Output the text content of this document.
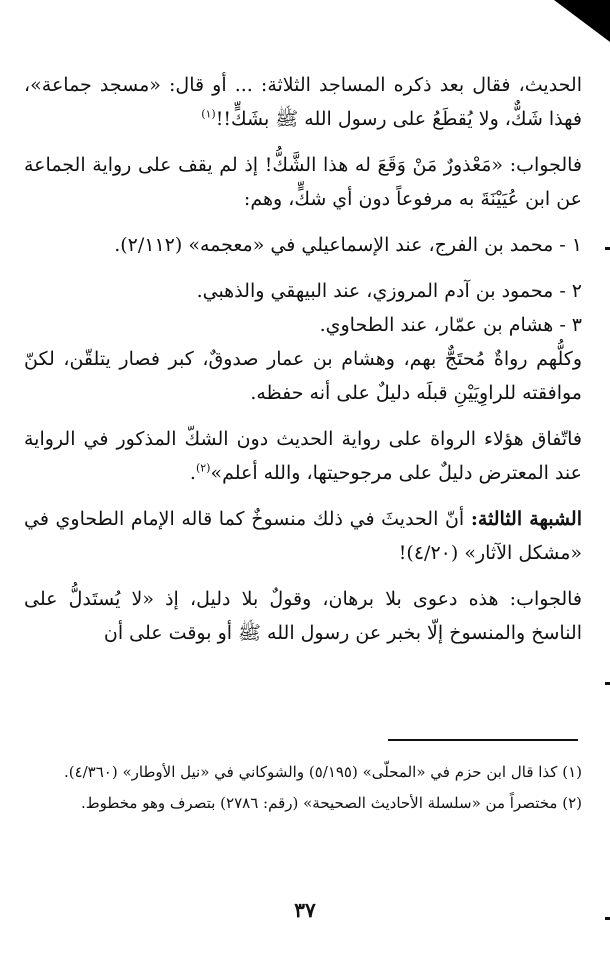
الحديث، فقال بعد ذكره المساجد الثلاثة: ... أو قال: «مسجد جماعة»، فهذا شَكٌّ، ولا يُقطَعُ على رسول الله ﷺ بشَكٍّ!!$^{(١)}$

فالجواب: «مَعْذورٌ مَنْ وَقَعَ له هذا الشَّكُّ! إذ لم يقف على رواية الجماعة عن ابن عُيَيْنَةَ به مرفوعاً دون أي شكٍّ، وهم:

١ - محمد بن الفرج، عند الإسماعيلي في «معجمه» (٢/١١٢).

٢ - محمود بن آدم المروزي، عند البيهقي والذهبي.

٣ - هشام بن عمّار، عند الطحاوي.

وكلُّهم رواةٌ مُحتَجٌّ بهم، وهشام بن عمار صدوقٌ، كبر فصار يتلقّن، لكنّ موافقته للراوِيَيْنِ قبلَه دليلٌ على أنه حفظه.

فاتّفاق هؤلاء الرواة على رواية الحديث دون الشكّ المذكور في الرواية عند المعترض دليلٌ على مرجوحيتها، والله أعلم»$^{(٢)}$.

الشبهة الثالثة: أنّ الحديثَ في ذلك منسوخٌ كما قاله الإمام الطحاوي في «مشكل الآثار» (٤/٢٠)!

فالجواب: هذه دعوى بلا برهان، وقولٌ بلا دليل، إذ «لا يُستَدلُّ على الناسخ والمنسوخ إلّا بخبر عن رسول الله ﷺ أو بوقت على أن

(١) كذا قال ابن حزم في «المحلّى» (٥/١٩٥) والشوكاني في «نيل الأوطار» (٤/٣٦٠).

(٢) مختصراً من «سلسلة الأحاديث الصحيحة» (رقم: ٢٧٨٦) بتصرف وهو مخطوط.

٣٧
